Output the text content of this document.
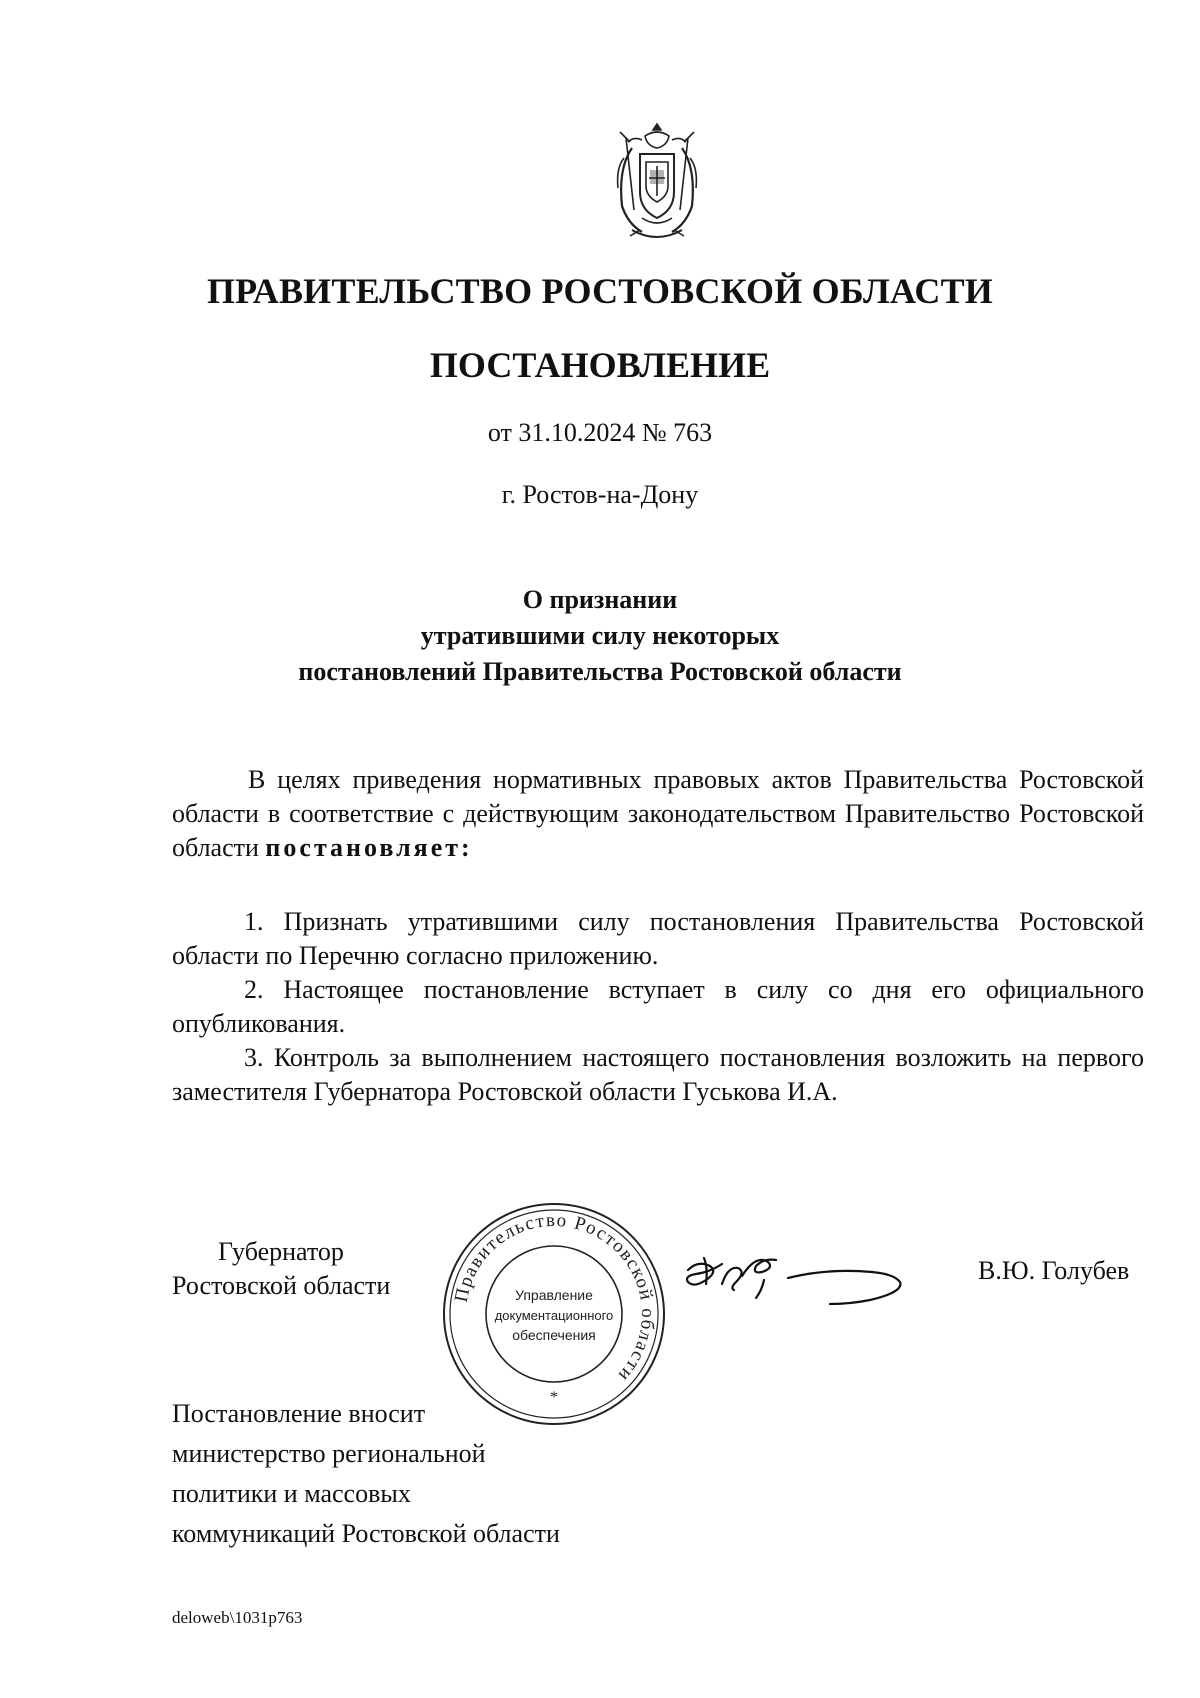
ПРАВИТЕЛЬСТВО РОСТОВСКОЙ ОБЛАСТИ
ПОСТАНОВЛЕНИЕ
от 31.10.2024 № 763
г. Ростов-на-Дону
О признании
утратившими силу некоторых
постановлений Правительства Ростовской области

В целях приведения нормативных правовых актов Правительства Ростовской области в соответствие с действующим законодательством Правительство Ростовской области постановляет:

1. Признать утратившими силу постановления Правительства Ростовской области по Перечню согласно приложению.

2. Настоящее постановление вступает в силу со дня его официального опубликования.

3. Контроль за выполнением настоящего постановления возложить на первого заместителя Губернатора Ростовской области Гуськова И.А.

Губернатор
Ростовской области	Правительство Ростовской области
Управление
документационного
обеспечения
*
В.Ю. Голубев
Постановление вносит
министерство региональной
политики и массовых
коммуникаций Ростовской области
deloweb\1031p763
